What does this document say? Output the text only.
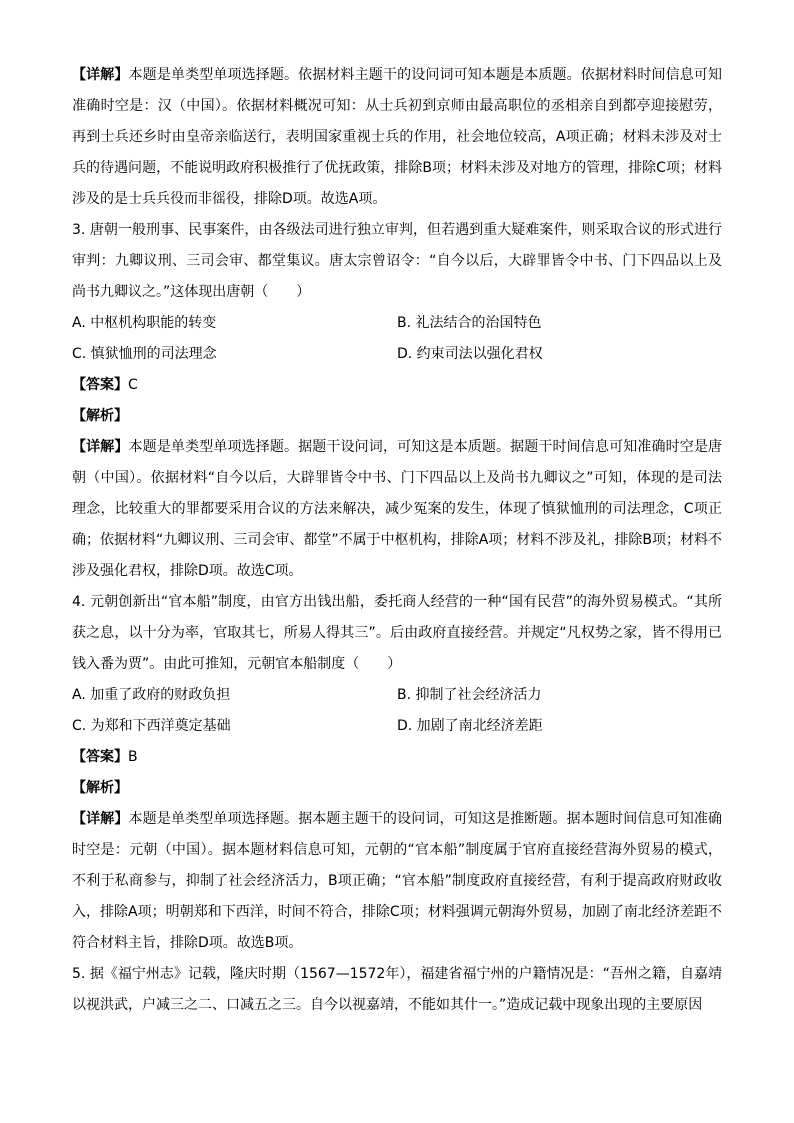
【详解】本题是单类型单项选择题。依据材料主题干的设问词可知本题是本质题。依据材料时间信息可知准确时空是：汉（中国）。依据材料概况可知：从士兵初到京师由最高职位的丞相亲自到都亭迎接慰劳，再到士兵还乡时由皇帝亲临送行，表明国家重视士兵的作用，社会地位较高，A项正确；材料未涉及对士兵的待遇问题，不能说明政府积极推行了优抚政策，排除B项；材料未涉及对地方的管理，排除C项；材料涉及的是士兵兵役而非徭役，排除D项。故选A项。

3. 唐朝一般刑事、民事案件，由各级法司进行独立审判，但若遇到重大疑难案件，则采取合议的形式进行审判：九卿议刑、三司会审、都堂集议。唐太宗曾诏令：“自今以后，大辟罪皆令中书、门下四品以上及尚书九卿议之。”这体现出唐朝（　　）

A. 中枢机构职能的转变	B. 礼法结合的治国特色
C. 慎狱恤刑的司法理念	D. 约束司法以强化君权

【答案】C

【解析】

【详解】本题是单类型单项选择题。据题干设问词，可知这是本质题。据题干时间信息可知准确时空是唐朝（中国）。依据材料“自今以后，大辟罪皆令中书、门下四品以上及尚书九卿议之”可知，体现的是司法理念，比较重大的罪都要采用合议的方法来解决，减少冤案的发生，体现了慎狱恤刑的司法理念，C项正确；依据材料“九卿议刑、三司会审、都堂”不属于中枢机构，排除A项；材料不涉及礼，排除B项；材料不涉及强化君权，排除D项。故选C项。

4. 元朝创新出“官本船”制度，由官方出钱出船，委托商人经营的一种“国有民营”的海外贸易模式。“其所获之息，以十分为率，官取其七，所易人得其三”。后由政府直接经营。并规定“凡权势之家，皆不得用已钱入番为贾”。由此可推知，元朝官本船制度（　　）

A. 加重了政府的财政负担	B. 抑制了社会经济活力
C. 为郑和下西洋奠定基础	D. 加剧了南北经济差距

【答案】B

【解析】

【详解】本题是单类型单项选择题。据本题主题干的设问词，可知这是推断题。据本题时间信息可知准确时空是：元朝（中国）。据本题材料信息可知，元朝的“官本船”制度属于官府直接经营海外贸易的模式，不利于私商参与，抑制了社会经济活力，B项正确；“官本船”制度政府直接经营，有利于提高政府财政收入，排除A项；明朝郑和下西洋，时间不符合，排除C项；材料强调元朝海外贸易，加剧了南北经济差距不符合材料主旨，排除D项。故选B项。

5. 据《福宁州志》记载，隆庆时期（1567—1572年），福建省福宁州的户籍情况是：“吾州之籍，自嘉靖以视洪武，户减三之二、口减五之三。自今以视嘉靖，不能如其什一。”造成记载中现象出现的主要原因
